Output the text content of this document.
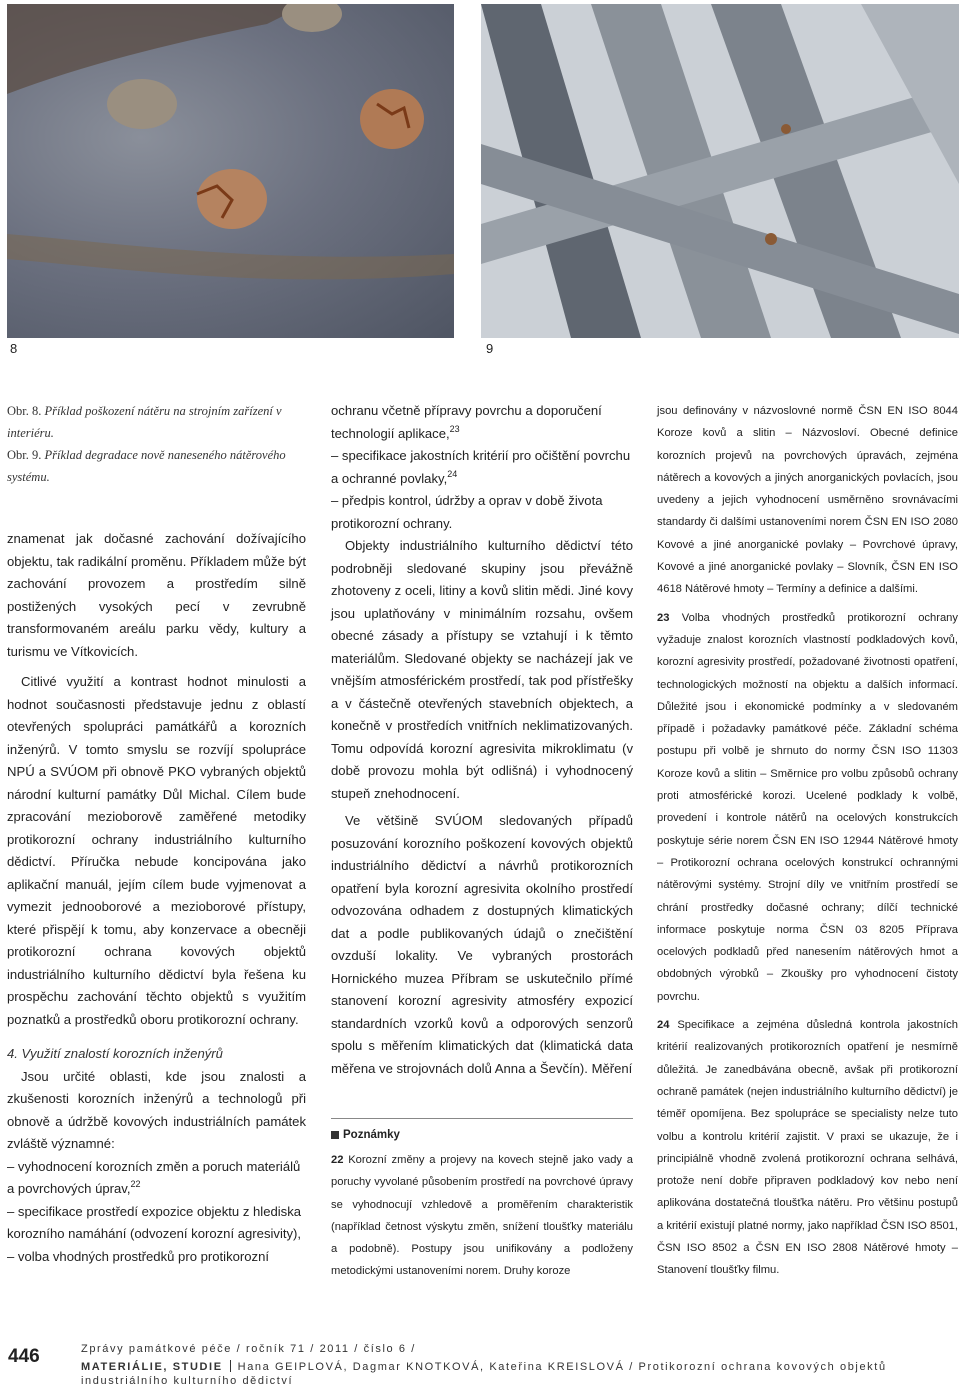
8	9

Obr. 8. Příklad poškození nátěru na strojním zařízení v interiéru.

Obr. 9. Příklad degradace nově naneseného nátěrového systému.

znamenat jak dočasné zachování dožívajícího objektu, tak radikální proměnu. Příkladem může být zachování provozem a prostředím silně postižených vysokých pecí v zevrubně transformovaném areálu parku vědy, kultury a turismu ve Vítkovicích.

Citlivé využití a kontrast hodnot minulosti a hodnot současnosti představuje jednu z oblastí otevřených spolupráci památkářů a korozních inženýrů. V tomto smyslu se rozvíjí spolupráce NPÚ a SVÚOM při obnově PKO vybraných objektů národní kulturní památky Důl Michal. Cílem bude zpracování mezioborově zaměřené metodiky protikorozní ochrany industriálního kulturního dědictví. Příručka nebude koncipována jako aplikační manuál, jejím cílem bude vyjmenovat a vymezit jednooborové a mezioborové přístupy, které přispějí k tomu, aby konzervace a obecněji protikorozní ochrana kovových objektů industriálního kulturního dědictví byla řešena ku prospěchu zachování těchto objektů s využitím poznatků a prostředků oboru protikorozní ochrany.

4. Využití znalostí korozních inženýrů

Jsou určité oblasti, kde jsou znalosti a zkušenosti korozních inženýrů a technologů při obnově a údržbě kovových industriálních památek zvláště významné:

– vyhodnocení korozních změn a poruch materiálů a povrchových úprav,$^{22}$

– specifikace prostředí expozice objektu z hlediska korozního namáhání (odvození korozní agresivity),

– volba vhodných prostředků pro protikorozní

ochranu včetně přípravy povrchu a doporučení technologií aplikace,$^{23}$

– specifikace jakostních kritérií pro očištění povrchu a ochranné povlaky,$^{24}$

– předpis kontrol, údržby a oprav v době života protikorozní ochrany.

Objekty industriálního kulturního dědictví této podrobněji sledované skupiny jsou převážně zhotoveny z oceli, litiny a kovů slitin mědi. Jiné kovy jsou uplatňovány v minimálním rozsahu, ovšem obecné zásady a přístupy se vztahují i k těmto materiálům. Sledované objekty se nacházejí jak ve vnějším atmosférickém prostředí, tak pod přístřešky a v částečně otevřených stavebních objektech, a konečně v prostředích vnitřních neklimatizovaných. Tomu odpovídá korozní agresivita mikroklimatu (v době provozu mohla být odlišná) i vyhodnocený stupeň znehodnocení.

Ve většině SVÚOM sledovaných případů posuzování korozního poškození kovových objektů industriálního dědictví a návrhů protikorozních opatření byla korozní agresivita okolního prostředí odvozována odhadem z dostupných klimatických dat a podle publikovaných údajů o znečištění ovzduší lokality. Ve vybraných prostorách Hornického muzea Příbram se uskutečnilo přímé stanovení korozní agresivity atmosféry expozicí standardních vzorků kovů a odporových senzorů spolu s měřením klimatických dat (klimatická data měřena ve strojovnách dolů Anna a Ševčín). Měření

Poznámky

22 Korozní změny a projevy na kovech stejně jako vady a poruchy vyvolané působením prostředí na povrchové úpravy se vyhodnocují vzhledově a proměřením charakteristik (například četnost výskytu změn, snížení tloušťky materiálu a podobně). Postupy jsou unifikovány a podloženy metodickými ustanoveními norem. Druhy koroze

jsou definovány v názvoslovné normě ČSN EN ISO 8044 Koroze kovů a slitin – Názvosloví. Obecné definice korozních projevů na povrchových úpravách, zejména nátěrech a kovových a jiných anorganických povlacích, jsou uvedeny a jejich vyhodnocení usměrněno srovnávacími standardy či dalšími ustanoveními norem ČSN EN ISO 2080 Kovové a jiné anorganické povlaky – Povrchové úpravy, Kovové a jiné anorganické povlaky – Slovník, ČSN EN ISO 4618 Nátěrové hmoty – Termíny a definice a dalšími.

23 Volba vhodných prostředků protikorozní ochrany vyžaduje znalost korozních vlastností podkladových kovů, korozní agresivity prostředí, požadované životnosti opatření, technologických možností na objektu a dalších informací. Důležité jsou i ekonomické podmínky a v sledovaném případě i požadavky památkové péče. Základní schéma postupu při volbě je shrnuto do normy ČSN ISO 11303 Koroze kovů a slitin – Směrnice pro volbu způsobů ochrany proti atmosférické korozi. Ucelené podklady k volbě, provedení i kontrole nátěrů na ocelových konstrukcích poskytuje série norem ČSN EN ISO 12944 Nátěrové hmoty – Protikorozní ochrana ocelových konstrukcí ochrannými nátěrovými systémy. Strojní díly ve vnitřním prostředí se chrání prostředky dočasné ochrany; dílčí technické informace poskytuje norma ČSN 03 8205 Příprava ocelových podkladů před nanesením nátěrových hmot a obdobných výrobků – Zkoušky pro vyhodnocení čistoty povrchu.

24 Specifikace a zejména důsledná kontrola jakostních kritérií realizovaných protikorozních opatření je nesmírně důležitá. Je zanedbávána obecně, avšak při protikorozní ochraně památek (nejen industriálního kulturního dědictví) je téměř opomíjena. Bez spolupráce se specialisty nelze tuto volbu a kontrolu kritérií zajistit. V praxi se ukazuje, že i principiálně vhodně zvolená protikorozní ochrana selhává, protože není dobře připraven podkladový kov nebo není aplikována dostatečná tloušťka nátěru. Pro většinu postupů a kritérií existují platné normy, jako například ČSN ISO 8501, ČSN ISO 8502 a ČSN EN ISO 2808 Nátěrové hmoty – Stanovení tloušťky filmu.

446	Zprávy památkové péče / ročník 71 / 2011 / číslo 6 /
MATERIÁLIE, STUDIE Hana GEIPLOVÁ, Dagmar KNOTKOVÁ, Kateřina KREISLOVÁ / Protikorozní ochrana kovových objektů
industriálního kulturního dědictví
